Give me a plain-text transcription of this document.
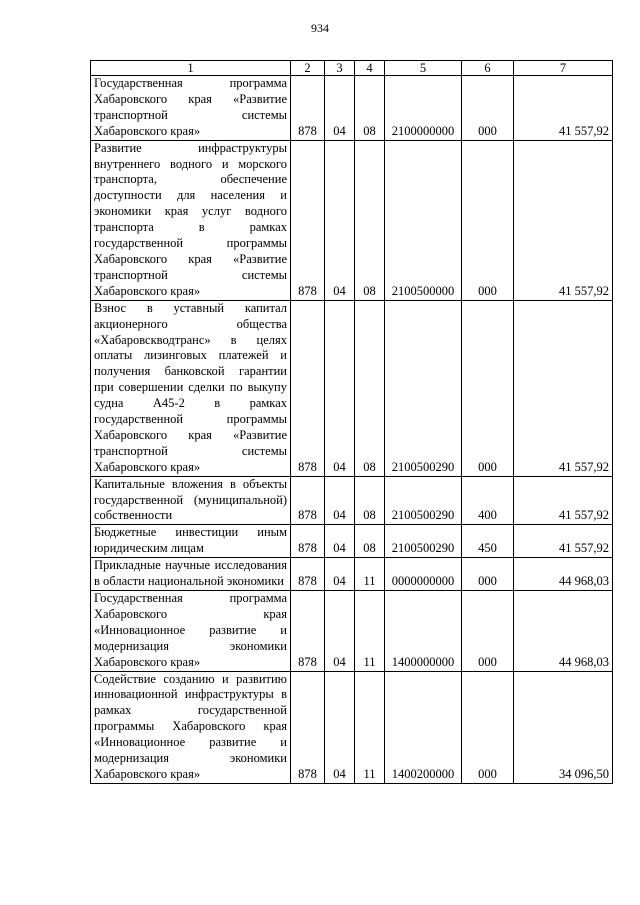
934
1	2	3	4	5	6	7
Государственная программа Хабаровского края «Развитие транспортной системы Хабаровского края»	878	04	08	2100000000	000	41 557,92
Развитие инфраструктуры внутреннего водного и морского транспорта, обеспечение доступности для населения и экономики края услуг водного транспорта в рамках государственной программы Хабаровского края «Развитие транспортной системы Хабаровского края»	878	04	08	2100500000	000	41 557,92
Взнос в уставный капитал акционерного общества «Хабаровскводтранс» в целях оплаты лизинговых платежей и получения банковской гарантии при совершении сделки по выкупу судна А45-2 в рамках государственной программы Хабаровского края «Развитие транспортной системы Хабаровского края»	878	04	08	2100500290	000	41 557,92
Капитальные вложения в объекты государственной (муниципальной) собственности	878	04	08	2100500290	400	41 557,92
Бюджетные инвестиции иным юридическим лицам	878	04	08	2100500290	450	41 557,92
Прикладные научные исследования в области национальной экономики	878	04	11	0000000000	000	44 968,03
Государственная программа Хабаровского края «Инновационное развитие и модернизация экономики Хабаровского края»	878	04	11	1400000000	000	44 968,03
Содействие созданию и развитию инновационной инфраструктуры в рамках государственной программы Хабаровского края «Инновационное развитие и модернизация экономики Хабаровского края»	878	04	11	1400200000	000	34 096,50
